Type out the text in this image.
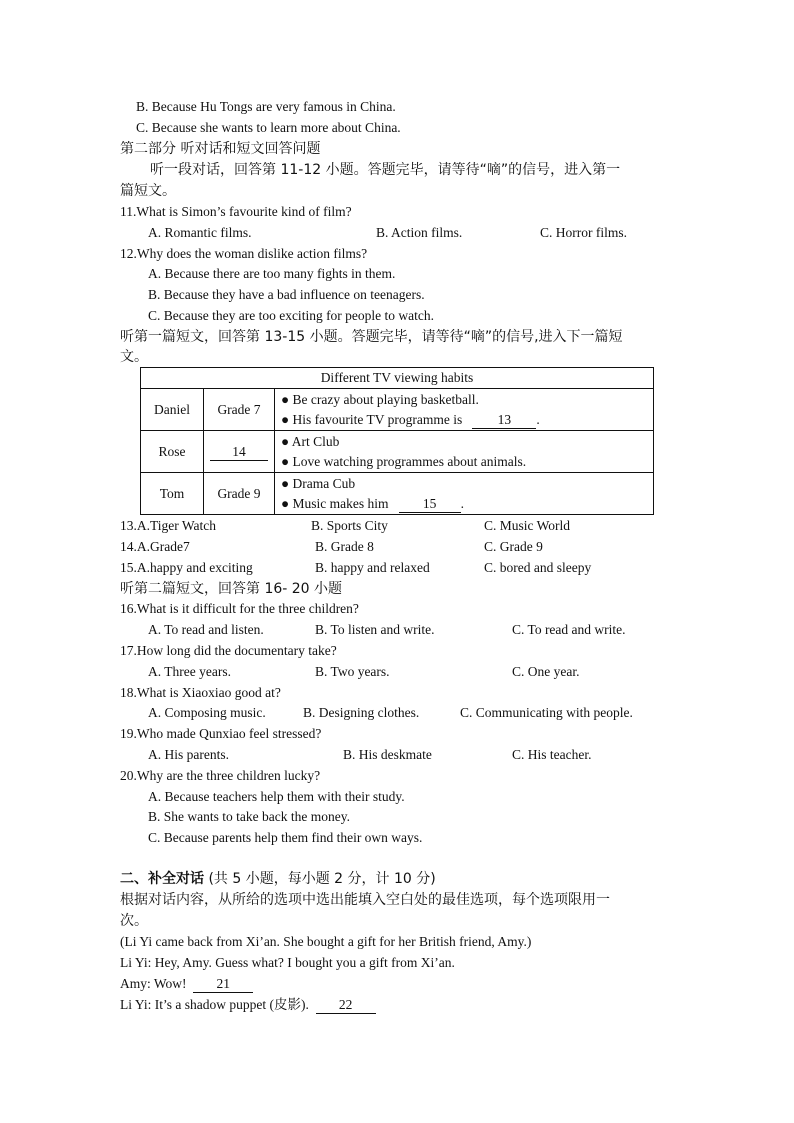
B. Because Hu Tongs are very famous in China.
C. Because she wants to learn more about China.
第二部分 听对话和短文回答问题
听一段对话，回答第 11-12 小题。答题完毕，请等待“嘀”的信号，进入第一
篇短文。
11.What is Simon’s favourite kind of film?
A. Romantic films.	B. Action films.	C. Horror films.
12.Why does the woman dislike action films?
A. Because there are too many fights in them.
B. Because they have a bad influence on teenagers.
C. Because they are too exciting for people to watch.
听第一篇短文，回答第 13-15 小题。答题完毕，请等待“嘀”的信号,进入下一篇短
文。
Different TV viewing habits		
Daniel	Grade 7	● Be crazy about playing basketball.
● His favourite TV programme is 13 .

Rose	14	● Art Club
● Love watching programmes about animals.

Tom	Grade 9	● Drama Cub
● Music makes him 15 .
13.A.Tiger Watch	B. Sports City	C. Music World
14.A.Grade7	B. Grade 8	C. Grade 9
15.A.happy and exciting	B. happy and relaxed	C. bored and sleepy
听第二篇短文，回答第 16- 20 小题
16.What is it difficult for the three children?
A. To read and listen.	B. To listen and write.	C. To read and write.
17.How long did the documentary take?
A. Three years.	B. Two years.	C. One year.
18.What is Xiaoxiao good at?
A. Composing music.	B. Designing clothes.	C. Communicating with people.
19.Who made Qunxiao feel stressed?
A. His parents.	B. His deskmate	C. His teacher.
20.Why are the three children lucky?
A. Because teachers help them with their study.
B. She wants to take back the money.
C. Because parents help them find their own ways.
二、补全对话 (共 5 小题，每小题 2 分，计 10 分)
根据对话内容，从所给的选项中选出能填入空白处的最佳选项，每个选项限用一
次。
(Li Yi came back from Xi’an. She bought a gift for her British friend, Amy.)
Li Yi: Hey, Amy. Guess what? I bought you a gift from Xi’an.
Amy: Wow! 21
Li Yi: It’s a shadow puppet (皮影). 22
